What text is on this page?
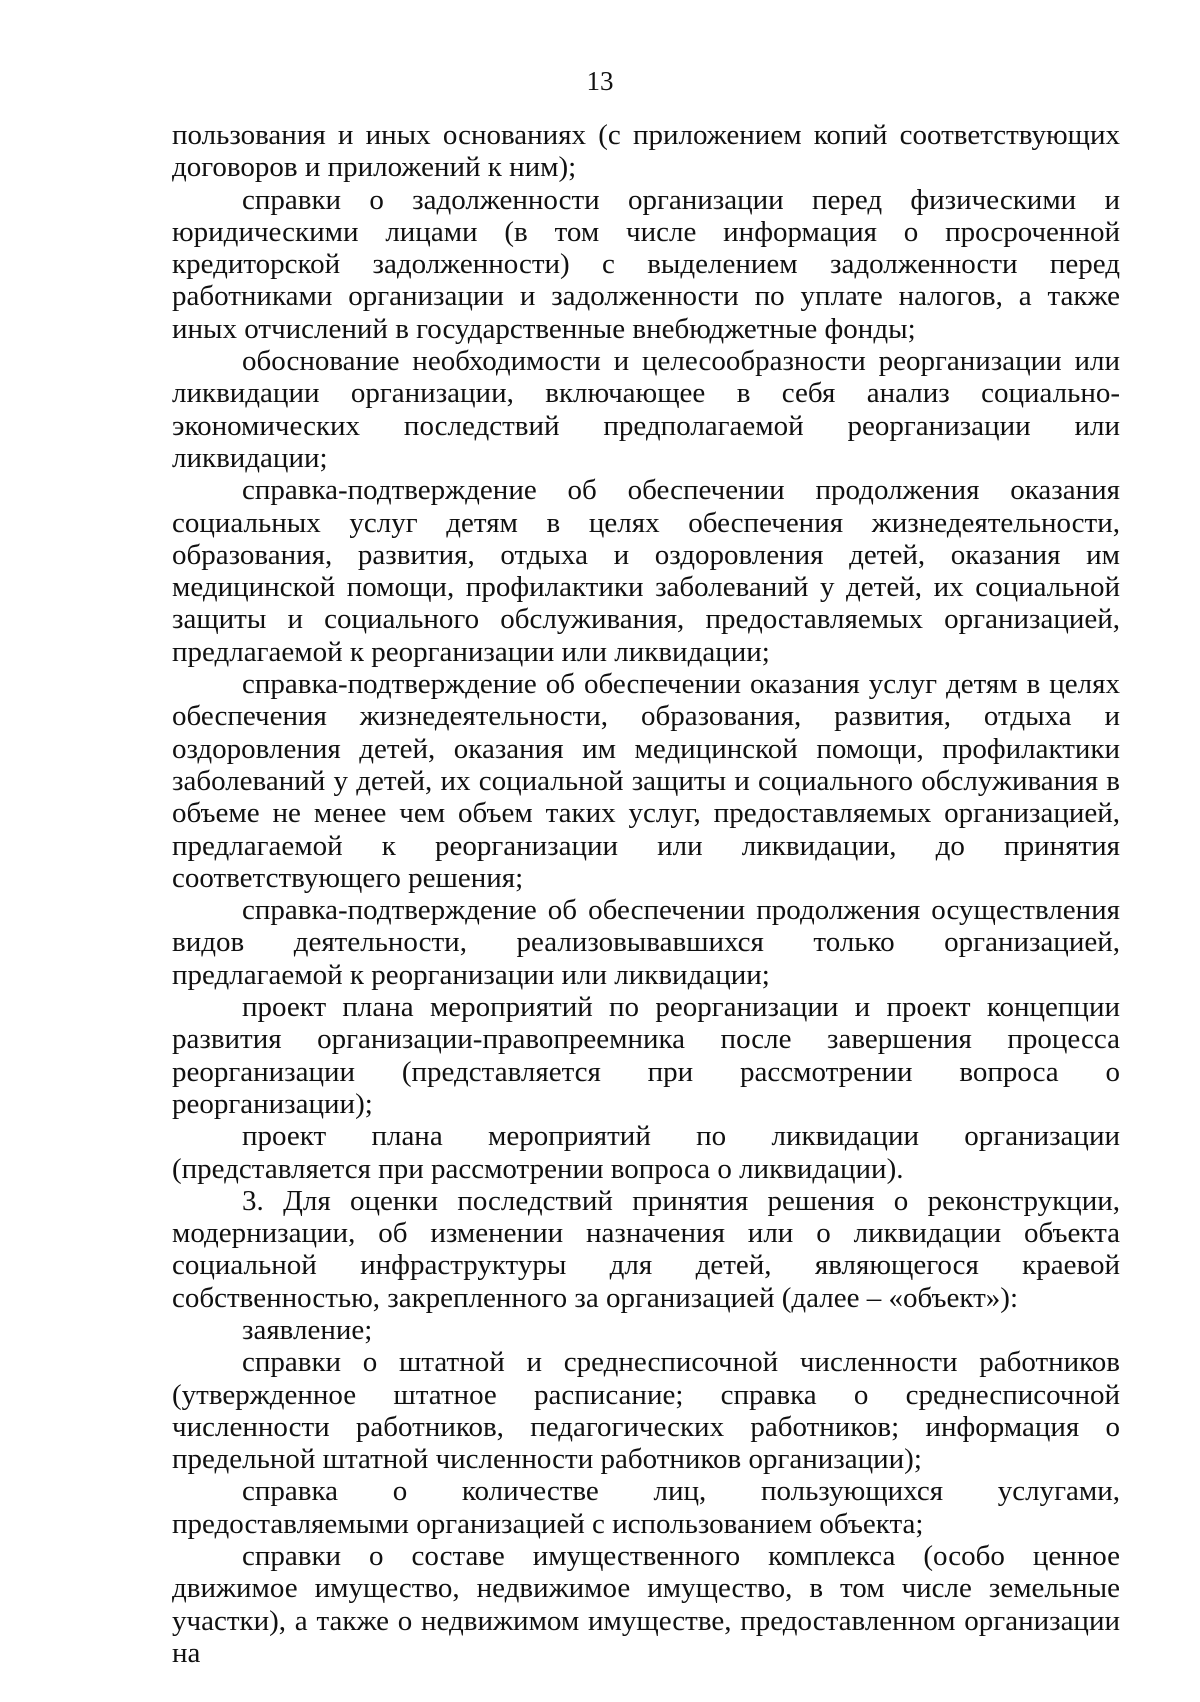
13

пользования и иных основаниях (с приложением копий соответствующих договоров и приложений к ним);

справки о задолженности организации перед физическими и юридическими лицами (в том числе информация о просроченной кредиторской задолженности) с выделением задолженности перед работниками организации и задолженности по уплате налогов, а также иных отчислений в государственные внебюджетные фонды;

обоснование необходимости и целесообразности реорганизации или ликвидации организации, включающее в себя анализ социально-экономических последствий предполагаемой реорганизации или ликвидации;

справка-подтверждение об обеспечении продолжения оказания социальных услуг детям в целях обеспечения жизнедеятельности, образования, развития, отдыха и оздоровления детей, оказания им медицинской помощи, профилактики заболеваний у детей, их социальной защиты и социального обслуживания, предоставляемых организацией, предлагаемой к реорганизации или ликвидации;

справка-подтверждение об обеспечении оказания услуг детям в целях обеспечения жизнедеятельности, образования, развития, отдыха и оздоровления детей, оказания им медицинской помощи, профилактики заболеваний у детей, их социальной защиты и социального обслуживания в объеме не менее чем объем таких услуг, предоставляемых организацией, предлагаемой к реорганизации или ликвидации, до принятия соответствующего решения;

справка-подтверждение об обеспечении продолжения осуществления видов деятельности, реализовывавшихся только организацией, предлагаемой к реорганизации или ликвидации;

проект плана мероприятий по реорганизации и проект концепции развития организации-правопреемника после завершения процесса реорганизации (представляется при рассмотрении вопроса о реорганизации);

проект плана мероприятий по ликвидации организации (представляется при рассмотрении вопроса о ликвидации).

3. Для оценки последствий принятия решения о реконструкции, модернизации, об изменении назначения или о ликвидации объекта социальной инфраструктуры для детей, являющегося краевой собственностью, закрепленного за организацией (далее – «объект»):

заявление;

справки о штатной и среднесписочной численности работников (утвержденное штатное расписание; справка о среднесписочной численности работников, педагогических работников; информация о предельной штатной численности работников организации);

справка о количестве лиц, пользующихся услугами, предоставляемыми организацией с использованием объекта;

справки о составе имущественного комплекса (особо ценное движимое имущество, недвижимое имущество, в том числе земельные участки), а также о недвижимом имуществе, предоставленном организации на
